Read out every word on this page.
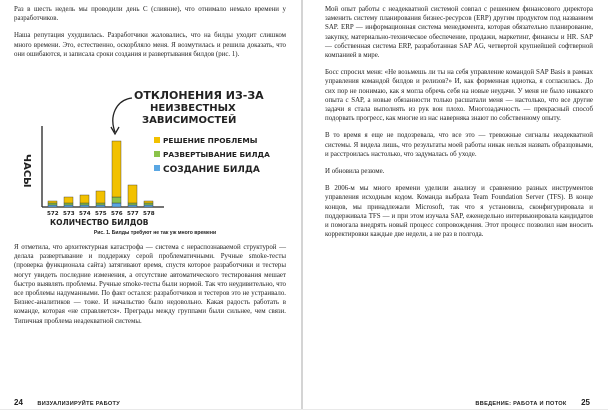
Раз в шесть недель мы проводили день С (слияние), что отнимало немало времени у разработчиков.

Наша репутация ухудшилась. Разработчики жаловались, что на билды уходит слишком много времени. Это, естественно, оскорбляло меня. Я возмутилась и решила доказать, что они ошибаются, и записала сроки создания и развертывания билдов (рис. 1).

ОТКЛОНЕНИЯ ИЗ-ЗА
НЕИЗВЕСТНЫХ
ЗАВИСИМОСТЕЙ
ЧАСЫ
572 573 574 575 576 577 578
КОЛИЧЕСТВО БИЛДОВ
РЕШЕНИЕ ПРОБЛЕМЫ
РАЗВЕРТЫВАНИЕ БИЛДА
СОЗДАНИЕ БИЛДА
Рис. 1. Билды требуют не так уж много времени

Я отметила, что архитектурная катастрофа — система с нераспознаваемой структурой — делала развертывание и поддержку серой проблематичными. Ручные smoke-тесты (проверка функционала сайта) затягивают время, спустя которое разработчики и тестеры могут увидеть последние изменения, а отсутствие автоматического тестирования мешает быстро выявлять проблемы. Ручные smoke-тесты были нормой. Так что неудивительно, что все проблемы надуманными. По факт остался: разработчиков и тестеров это не устраивало. Бизнес-аналитиков — тоже. И начальство было недовольно. Какая радость работать в команде, которая «не справляется». Преграды между группами были сильнее, чем связи. Типичная проблема неадекватной системы.

24	ВИЗУАЛИЗИРУЙТЕ РАБОТУ

Мой опыт работы с неадекватной системой совпал с решением финансового директора заменить систему планирования бизнес-ресурсов (ERP) другим продуктом под названием SAP. ERP — информационная система менеджмента, которая обязательно планирование, закупку, материально-техническое обеспечение, продажи, маркетинг, финансы и HR. SAP — собственная система ERP, разработанная SAP AG, четвертой крупнейшей софтверной компанией в мире.

Босс спросил меня: «Не возьмешь ли ты на себя управление командой SAP Basis в рамках управления командой билдов и релизов?» И, как форменная идиотка, я согласилась. До сих пор не понимаю, как я могла обречь себя на новые неудачи. У меня не было никакого опыта с SAP, а новые обязанности только расшатали меня — настолько, что все другие задачи я стала выполнять из рук вон плохо. Многозадачность — прекрасный способ подорвать прогресс, как многие из нас наверняка знают по собственному опыту.

В то время я еще не подозревала, что все это — тревожные сигналы неадекватной системы. Я видела лишь, что результаты моей работы никак нельзя назвать образцовыми, и расстроилась настолько, что задумалась об уходе.

И обновила резюме.

В 2006-м мы много времени уделили анализу и сравнению разных инструментов управления исходным кодом. Команда выбрала Team Foundation Server (TFS). В конце концов, мы принадлежали Microsoft, так что я установила, сконфигурировала и поддерживала TFS — и при этом изучала SAP, еженедельно интервьюировала кандидатов и помогала внедрять новый процесс сопровождения. Этот процесс позволил нам вносить корректировки каждые две недели, а не раз в полгода.

ВВЕДЕНИЕ: РАБОТА И ПОТОК 25
